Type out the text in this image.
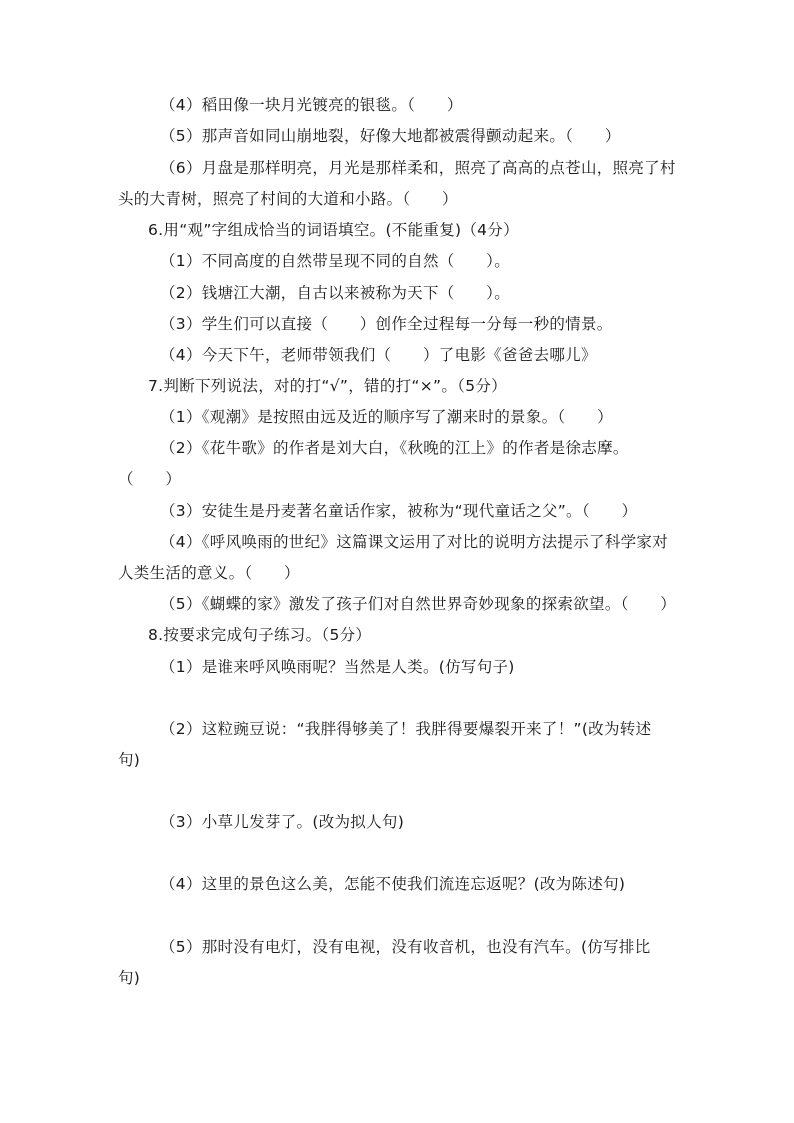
（4）稻田像一块月光镀亮的银毯。（　　）
（5）那声音如同山崩地裂，好像大地都被震得颤动起来。（　　）
（6）月盘是那样明亮，月光是那样柔和，照亮了高高的点苍山，照亮了村
头的大青树，照亮了村间的大道和小路。（　　）
6.用“观”字组成恰当的词语填空。(不能重复)（4分）
（1）不同高度的自然带呈现不同的自然（　　）。
（2）钱塘江大潮，自古以来被称为天下（　　）。
（3）学生们可以直接（　　）创作全过程每一分每一秒的情景。
（4）今天下午，老师带领我们（　　）了电影《爸爸去哪儿》
7.判断下列说法，对的打“√”，错的打“×”。（5分）
（1）《观潮》是按照由远及近的顺序写了潮来时的景象。（　　）
（2）《花牛歌》的作者是刘大白，《秋晚的江上》的作者是徐志摩。
（　　）
（3）安徒生是丹麦著名童话作家，被称为“现代童话之父”。（　　）
（4）《呼风唤雨的世纪》这篇课文运用了对比的说明方法提示了科学家对
人类生活的意义。（　　）
（5）《蝴蝶的家》激发了孩子们对自然世界奇妙现象的探索欲望。（　　）
8.按要求完成句子练习。（5分）
（1）是谁来呼风唤雨呢？当然是人类。(仿写句子)
（2）这粒豌豆说：“我胖得够美了！我胖得要爆裂开来了！”(改为转述
句)
（3）小草儿发芽了。(改为拟人句)
（4）这里的景色这么美，怎能不使我们流连忘返呢？(改为陈述句)
（5）那时没有电灯，没有电视，没有收音机，也没有汽车。(仿写排比
句)
